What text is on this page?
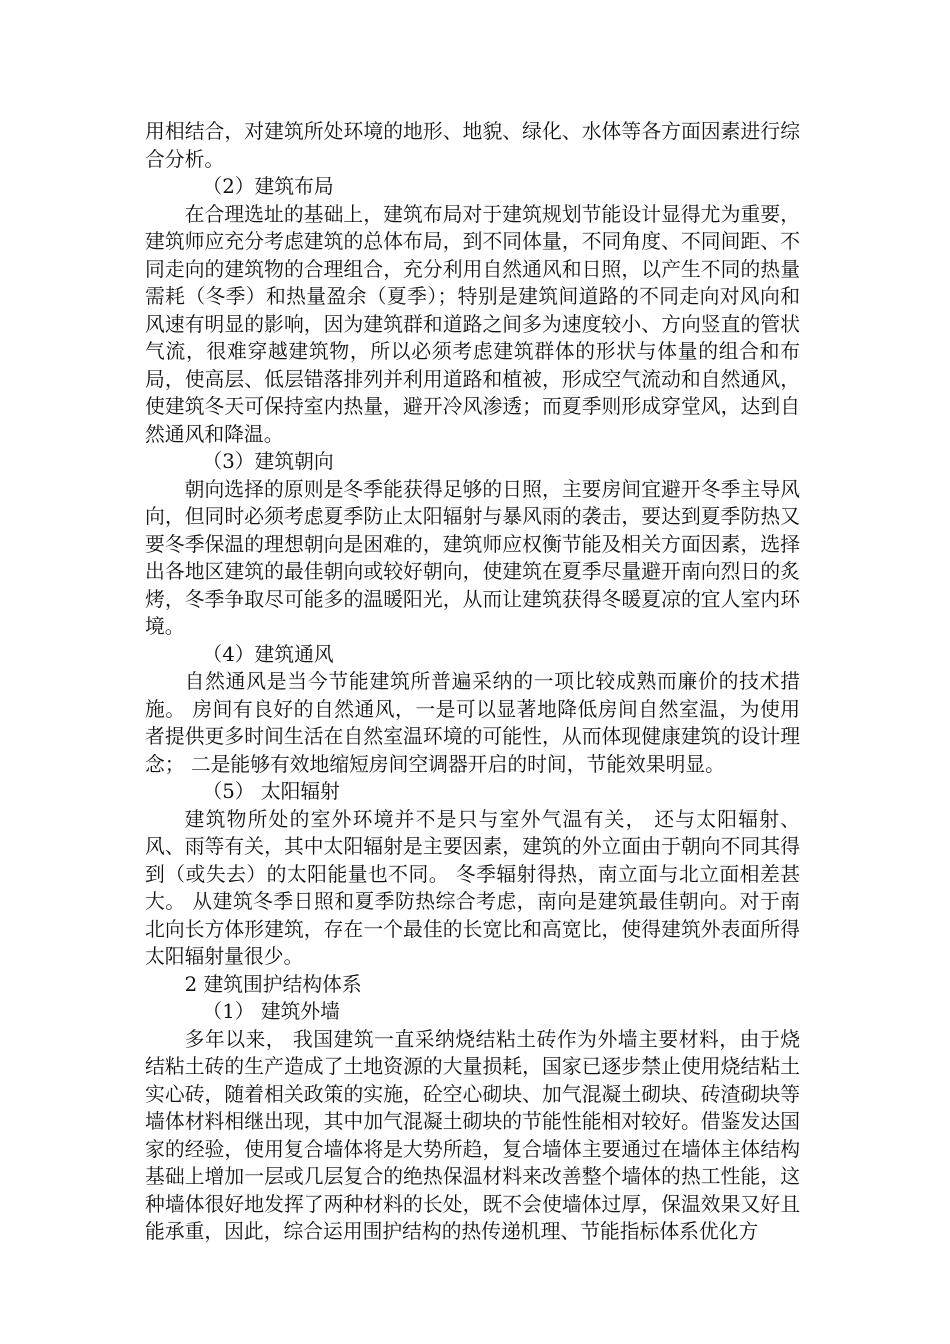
用相结合，对建筑所处环境的地形、地貌、绿化、水体等各方面因素进行综合分析。

（2）建筑布局

在合理选址的基础上，建筑布局对于建筑规划节能设计显得尤为重要，建筑师应充分考虑建筑的总体布局，到不同体量，不同角度、不同间距、不同走向的建筑物的合理组合，充分利用自然通风和日照，以产生不同的热量需耗（冬季）和热量盈余（夏季）；特别是建筑间道路的不同走向对风向和风速有明显的影响，因为建筑群和道路之间多为速度较小、方向竖直的管状气流，很难穿越建筑物，所以必须考虑建筑群体的形状与体量的组合和布局，使高层、低层错落排列并利用道路和植被，形成空气流动和自然通风，使建筑冬天可保持室内热量，避开冷风渗透；而夏季则形成穿堂风，达到自然通风和降温。

（3）建筑朝向

朝向选择的原则是冬季能获得足够的日照，主要房间宜避开冬季主导风向，但同时必须考虑夏季防止太阳辐射与暴风雨的袭击，要达到夏季防热又要冬季保温的理想朝向是困难的，建筑师应权衡节能及相关方面因素，选择出各地区建筑的最佳朝向或较好朝向，使建筑在夏季尽量避开南向烈日的炙烤，冬季争取尽可能多的温暖阳光，从而让建筑获得冬暖夏凉的宜人室内环境。

（4）建筑通风

自然通风是当今节能建筑所普遍采纳的一项比较成熟而廉价的技术措施。 房间有良好的自然通风，一是可以显著地降低房间自然室温，为使用者提供更多时间生活在自然室温环境的可能性，从而体现健康建筑的设计理念； 二是能够有效地缩短房间空调器开启的时间，节能效果明显。

（5） 太阳辐射

建筑物所处的室外环境并不是只与室外气温有关， 还与太阳辐射、风、雨等有关，其中太阳辐射是主要因素，建筑的外立面由于朝向不同其得到（或失去）的太阳能量也不同。 冬季辐射得热，南立面与北立面相差甚大。 从建筑冬季日照和夏季防热综合考虑，南向是建筑最佳朝向。对于南北向长方体形建筑，存在一个最佳的长宽比和高宽比，使得建筑外表面所得太阳辐射量很少。

2 建筑围护结构体系

（1） 建筑外墙

多年以来， 我国建筑一直采纳烧结粘土砖作为外墙主要材料，由于烧结粘土砖的生产造成了土地资源的大量损耗，国家已逐步禁止使用烧结粘土实心砖，随着相关政策的实施，砼空心砌块、加气混凝土砌块、砖渣砌块等墙体材料相继出现，其中加气混凝土砌块的节能性能相对较好。借鉴发达国家的经验，使用复合墙体将是大势所趋，复合墙体主要通过在墙体主体结构基础上增加一层或几层复合的绝热保温材料来改善整个墙体的热工性能，这种墙体很好地发挥了两种材料的长处，既不会使墙体过厚，保温效果又好且能承重，因此，综合运用围护结构的热传递机理、节能指标体系优化方
